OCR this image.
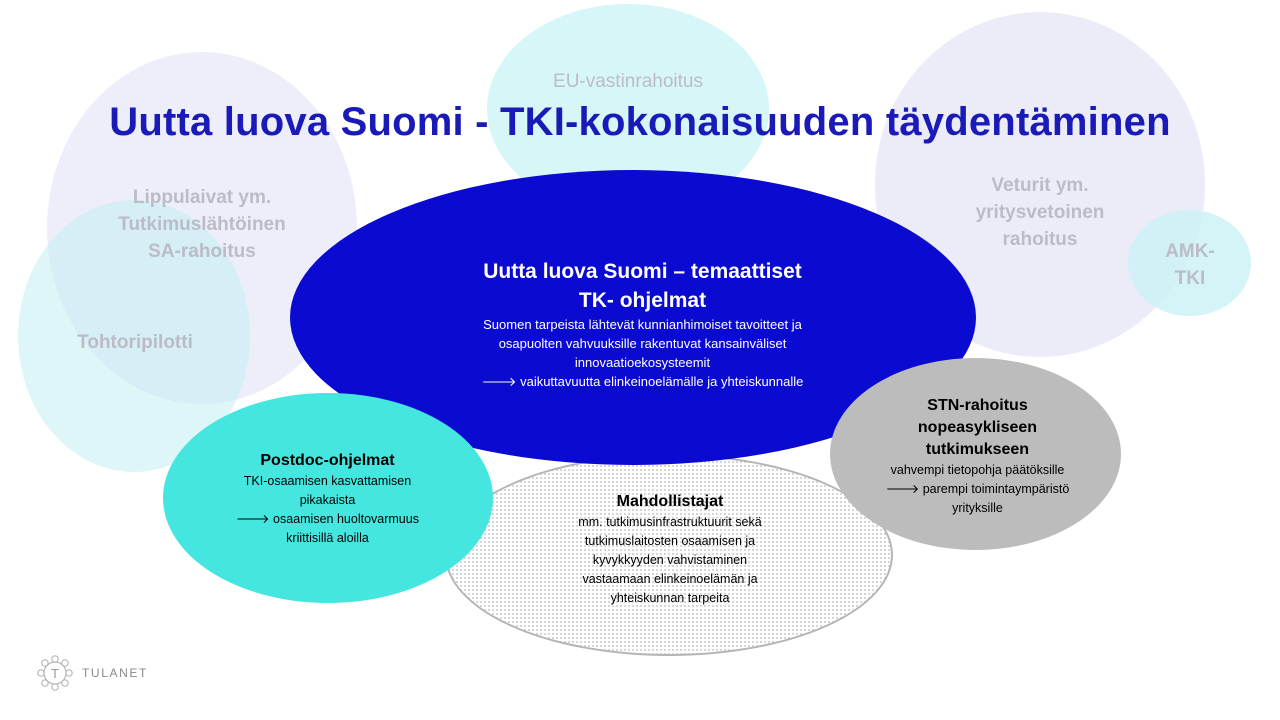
EU-vastinrahoitus
Lippulaivat ym.
Tutkimuslähtöinen
SA-rahoitus
Tohtoripilotti
Veturit ym.
yritysvetoinen
rahoitus
AMK-
TKI
Uutta luova Suomi - TKI-kokonaisuuden täydentäminen
Uutta luova Suomi – temaattiset
TK- ohjelmat
Suomen tarpeista lähtevät kunnianhimoiset tavoitteet ja
osapuolten vahvuuksille rakentuvat kansainväliset
innovaatioekosysteemit
🡒 vaikuttavuutta elinkeinoelämälle ja yhteiskunnalle
Postdoc-ohjelmat
TKI-osaamisen kasvattamisen
pikakaista
🡒 osaamisen huoltovarmuus
kriittisillä aloilla
Mahdollistajat
mm. tutkimusinfrastruktuurit sekä
tutkimuslaitosten osaamisen ja
kyvykkyyden vahvistaminen
vastaamaan elinkeinoelämän ja
yhteiskunnan tarpeita
STN-rahoitus
nopeasykliseen
tutkimukseen
vahvempi tietopohja päätöksille
🡒 parempi toimintaympäristö
yrityksille
T TULANET
